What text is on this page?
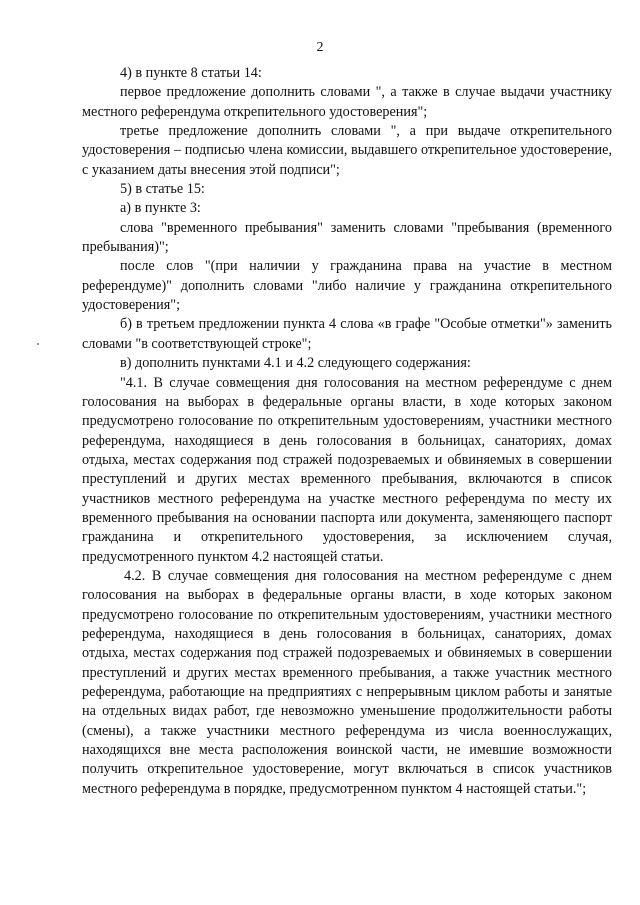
2

4) в пункте 8 статьи 14:

первое предложение дополнить словами ", а также в случае выдачи участнику местного референдума открепительного удостоверения";

третье предложение дополнить словами ", а при выдаче открепительного удостоверения – подписью члена комиссии, выдавшего открепительное удостоверение, с указанием даты внесения этой подписи";

5) в статье 15:

а) в пункте 3:

слова "временного пребывания" заменить словами "пребывания (временного пребывания)";

после слов "(при наличии у гражданина права на участие в местном референдуме)" дополнить словами "либо наличие у гражданина открепительного удостоверения";

б) в третьем предложении пункта 4 слова «в графе "Особые отметки"» заменить словами "в соответствующей строке";

в) дополнить пунктами 4.1 и 4.2 следующего содержания:

"4.1. В случае совмещения дня голосования на местном референдуме с днем голосования на выборах в федеральные органы власти, в ходе которых законом предусмотрено голосование по открепительным удостоверениям, участники местного референдума, находящиеся в день голосования в больницах, санаториях, домах отдыха, местах содержания под стражей подозреваемых и обвиняемых в совершении преступлений и других местах временного пребывания, включаются в список участников местного референдума на участке местного референдума по месту их временного пребывания на основании паспорта или документа, заменяющего паспорт гражданина и открепительного удостоверения, за исключением случая, предусмотренного пунктом 4.2 настоящей статьи.

4.2. В случае совмещения дня голосования на местном референдуме с днем голосования на выборах в федеральные органы власти, в ходе которых законом предусмотрено голосование по открепительным удостоверениям, участники местного референдума, находящиеся в день голосования в больницах, санаториях, домах отдыха, местах содержания под стражей подозреваемых и обвиняемых в совершении преступлений и других местах временного пребывания, а также участник местного референдума, работающие на предприятиях с непрерывным циклом работы и занятые на отдельных видах работ, где невозможно уменьшение продолжительности работы (смены), а также участники местного референдума из числа военнослужащих, находящихся вне места расположения воинской части, не имевшие возможности получить открепительное удостоверение, могут включаться в список участников местного референдума в порядке, предусмотренном пунктом 4 настоящей статьи.";
